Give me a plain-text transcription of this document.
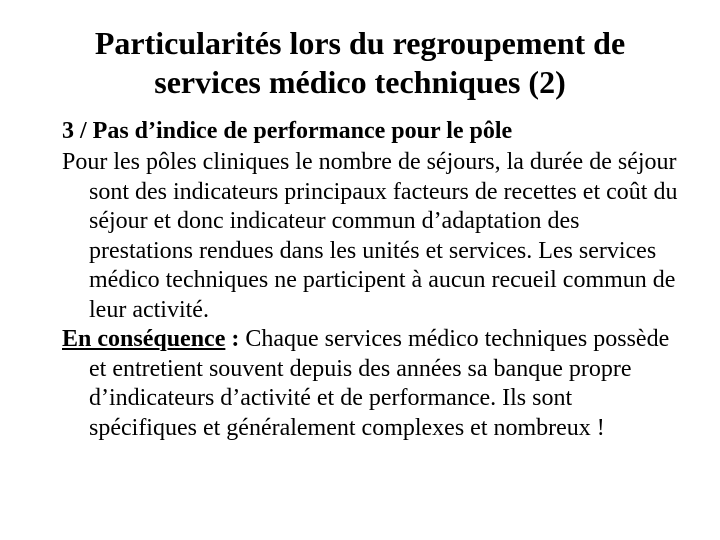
Particularités lors du regroupement de
services médico techniques (2)
3 / Pas d’indice de performance pour le pôle

Pour les pôles cliniques le nombre de séjours, la durée de séjour sont des indicateurs principaux facteurs de recettes et coût du séjour et donc indicateur commun d’adaptation des prestations rendues dans les unités et services. Les services médico techniques ne participent à aucun recueil commun de leur activité.

En conséquence : Chaque services médico techniques possède et entretient souvent depuis des années sa banque propre d’indicateurs d’activité et de performance. Ils sont spécifiques et généralement complexes et nombreux !
